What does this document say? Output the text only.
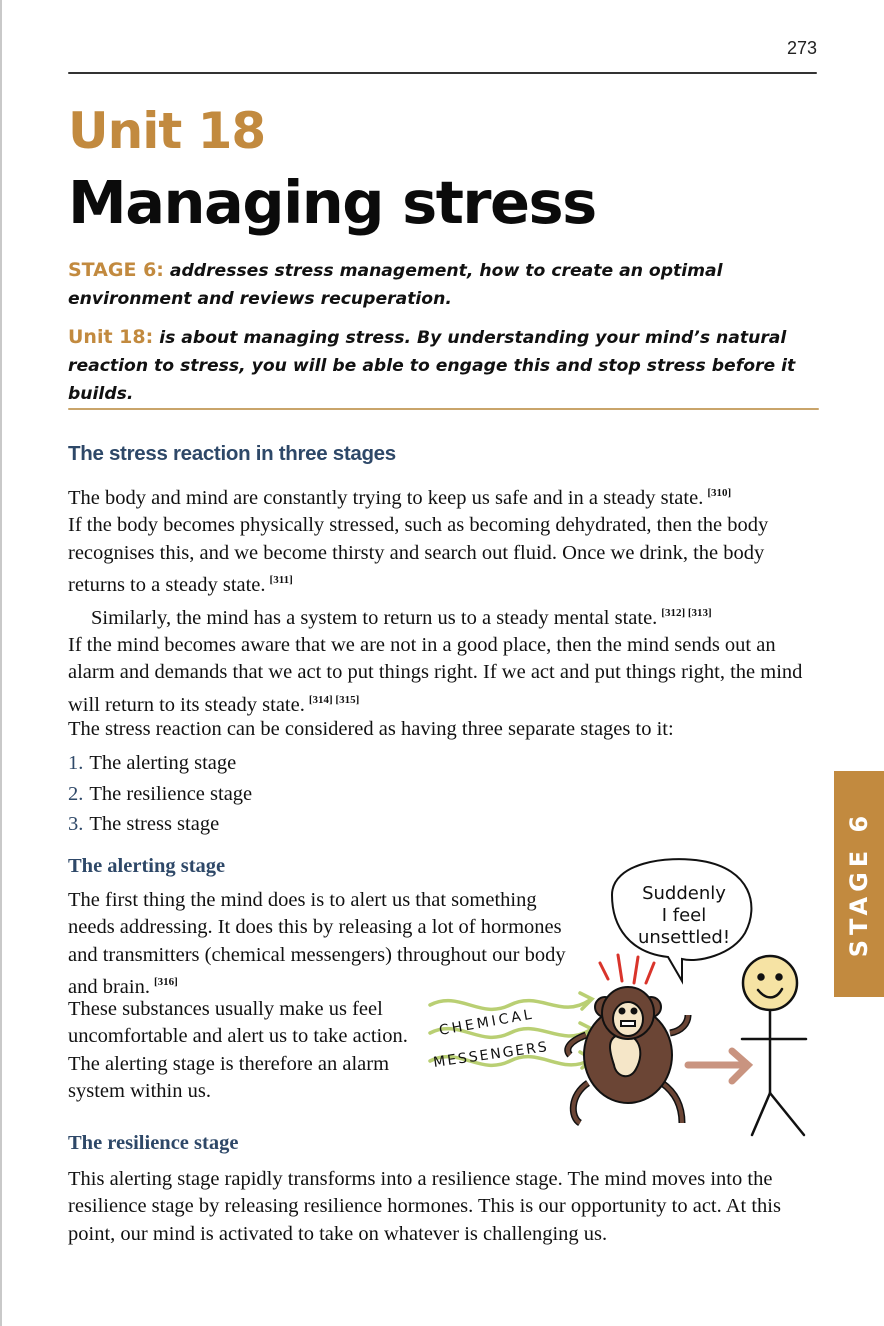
273
Unit 18
Managing stress

STAGE 6: addresses stress management, how to create an optimal environment and reviews recuperation.

Unit 18: is about managing stress. By understanding your mind’s natural reaction to stress, you will be able to engage this and stop stress before it builds.

The stress reaction in three stages

The body and mind are constantly trying to keep us safe and in a steady state. [310]
If the body becomes physically stressed, such as becoming dehydrated, then the body recognises this, and we become thirsty and search out fluid. Once we drink, the body returns to a steady state. [311]
Similarly, the mind has a system to return us to a steady mental state. [312] [313]
If the mind becomes aware that we are not in a good place, then the mind sends out an alarm and demands that we act to put things right. If we act and put things right, the mind will return to its steady state. [314] [315]

The stress reaction can be considered as having three separate stages to it:

1. The alerting stage
2. The resilience stage
3. The stress stage
The alerting stage

The first thing the mind does is to alert us that something needs addressing. It does this by releasing a lot of hormones and transmitters (chemical messengers) throughout our body and brain. [316]

These substances usually make us feel uncomfortable and alert us to take action. The alerting stage is therefore an alarm system within us.

Suddenly
I feel
unsettled!
CHEMICAL
MESSENGERS
The resilience stage

This alerting stage rapidly transforms into a resilience stage. The mind moves into the resilience stage by releasing resilience hormones. This is our opportunity to act. At this point, our mind is activated to take on whatever is challenging us.

STAGE 6
